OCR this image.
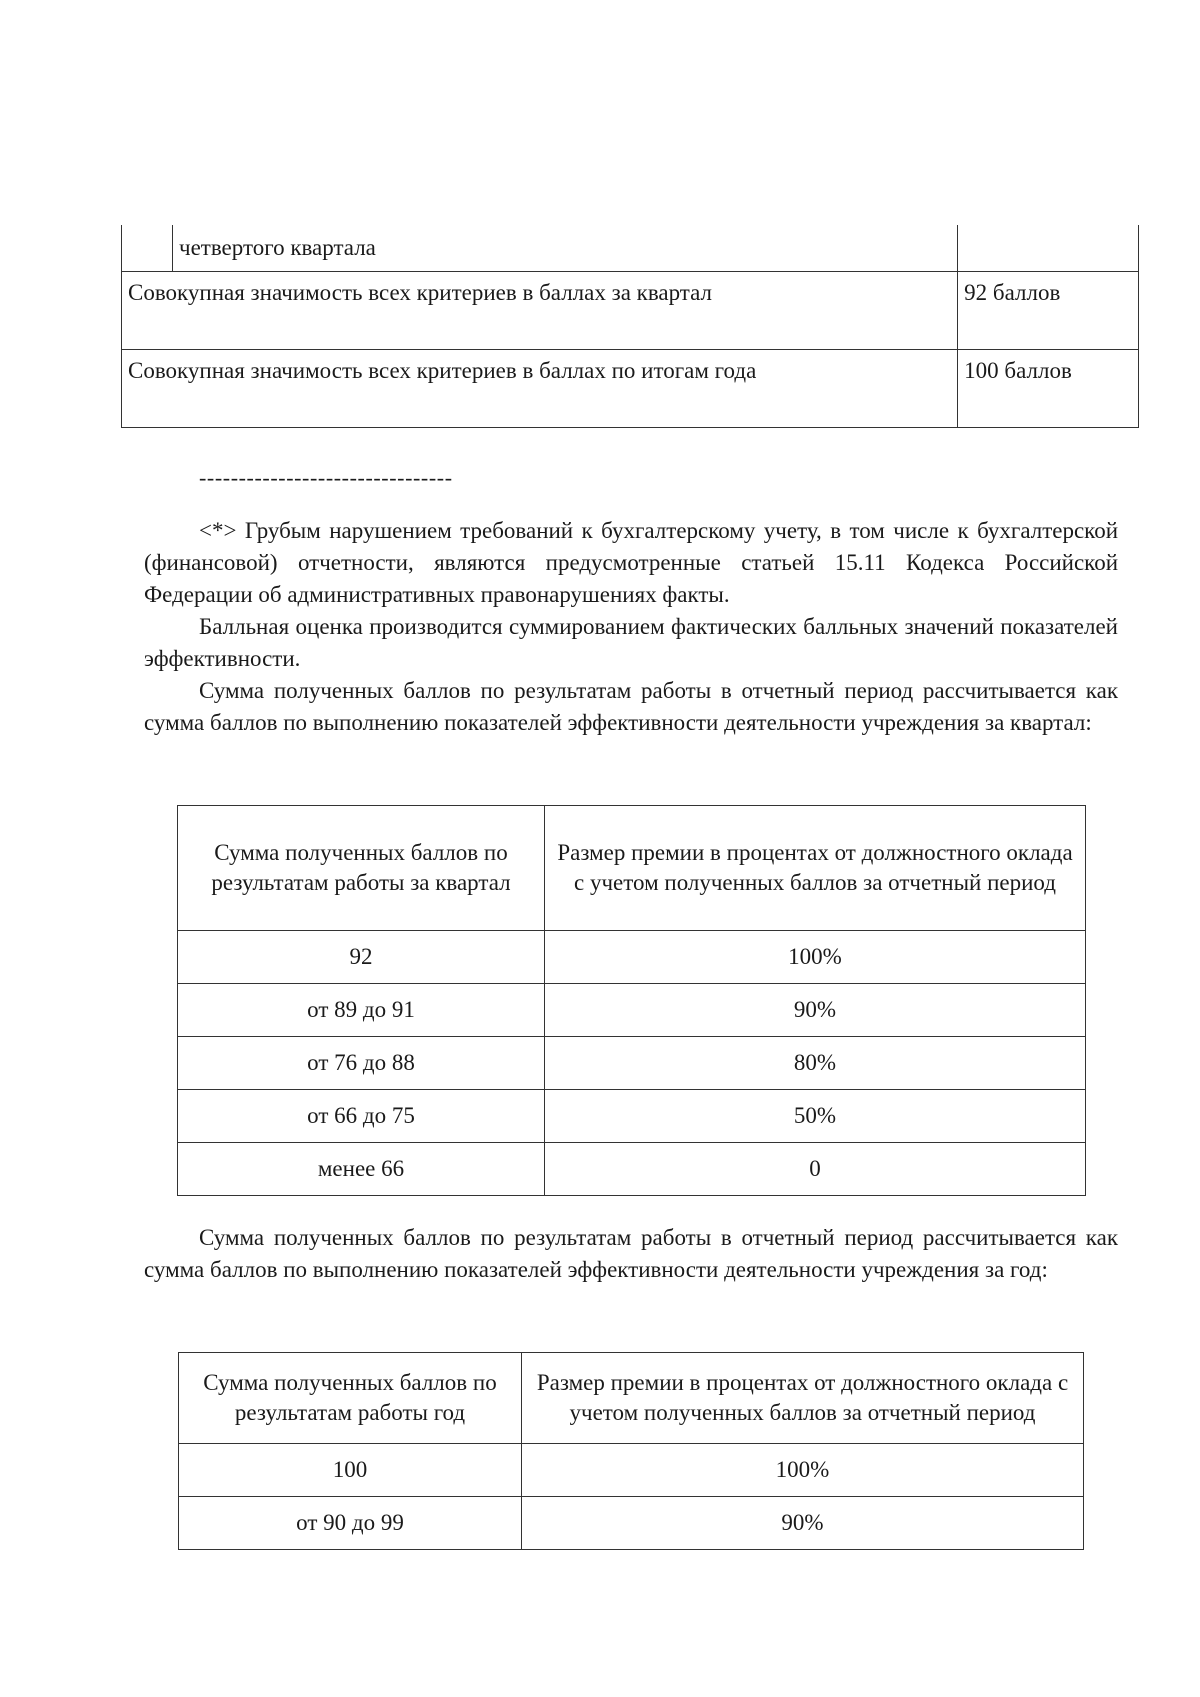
	четвертого квартала	
Совокупная значимость всех критериев в баллах за квартал		92 баллов
Совокупная значимость всех критериев в баллах по итогам года		100 баллов
--------------------------------

<*> Грубым нарушением требований к бухгалтерскому учету, в том числе к бухгалтерской (финансовой) отчетности, являются предусмотренные статьей 15.11 Кодекса Российской Федерации об административных правонарушениях факты.

Балльная оценка производится суммированием фактических балльных значений показателей эффективности.

Сумма полученных баллов по результатам работы в отчетный период рассчитывается как сумма баллов по выполнению показателей эффективности деятельности учреждения за квартал:

Сумма полученных баллов по результатам работы за квартал	Размер премии в процентах от должностного оклада с учетом полученных баллов за отчетный период
92	100%
от 89 до 91	90%
от 76 до 88	80%
от 66 до 75	50%
менее 66	0

Сумма полученных баллов по результатам работы в отчетный период рассчитывается как сумма баллов по выполнению показателей эффективности деятельности учреждения за год:

Сумма полученных баллов по результатам работы год	Размер премии в процентах от должностного оклада с учетом полученных баллов за отчетный период
100	100%
от 90 до 99	90%
